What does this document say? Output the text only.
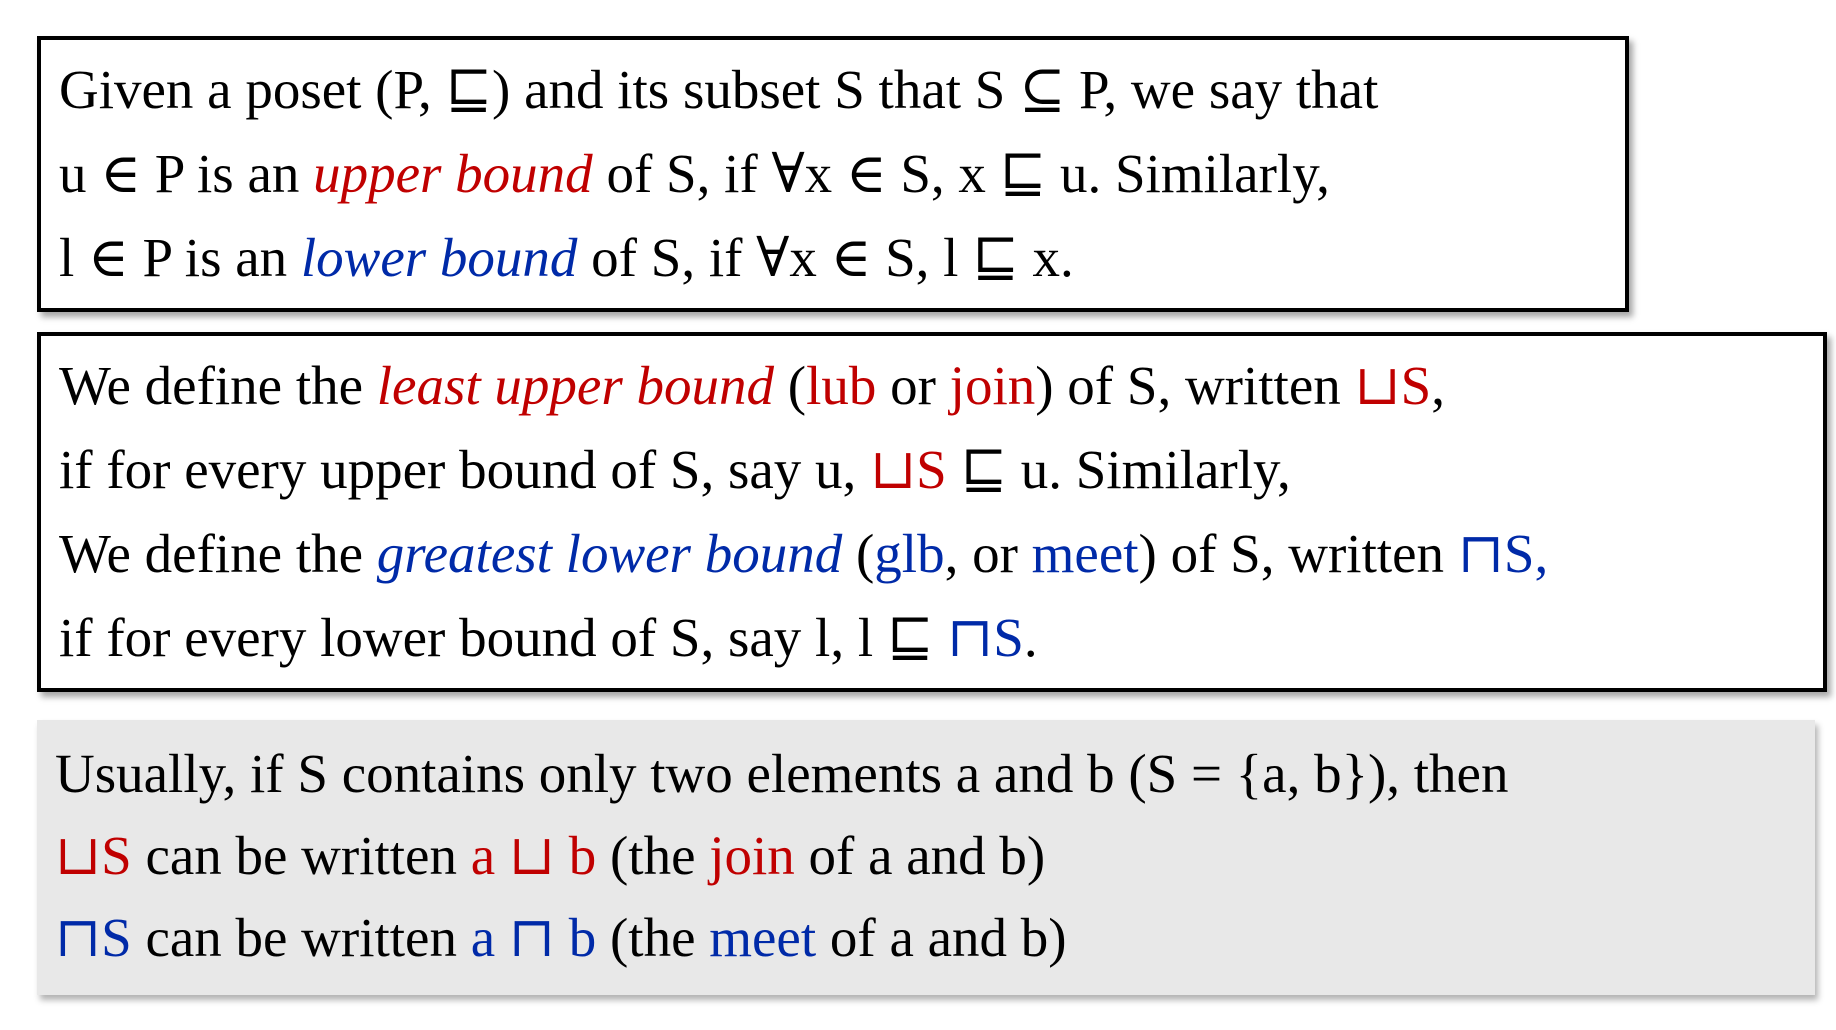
Given a poset (P, ⊑) and its subset S that S ⊆ P, we say that
u ∈ P is an upper bound of S, if ∀x ∈ S, x ⊑ u. Similarly,
l ∈ P is an lower bound of S, if ∀x ∈ S, l ⊑ x.
We define the least upper bound (lub or join) of S, written ⊔S,
if for every upper bound of S, say u, ⊔S ⊑ u. Similarly,
We define the greatest lower bound (glb, or meet) of S, written ⊓S,
if for every lower bound of S, say l, l ⊑ ⊓S.
Usually, if S contains only two elements a and b (S = {a, b}), then
⊔S can be written a ⊔ b (the join of a and b)
⊓S can be written a ⊓ b (the meet of a and b)
